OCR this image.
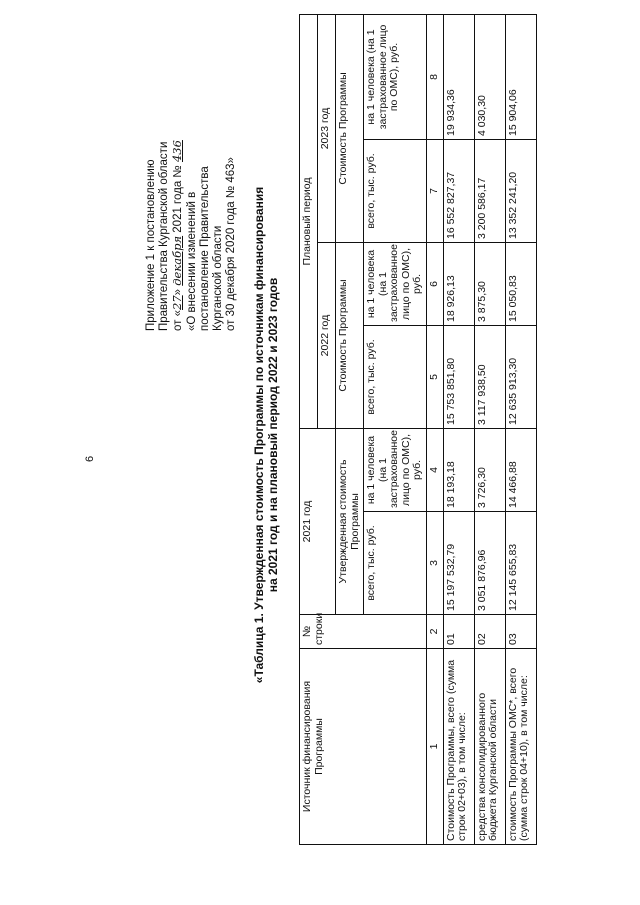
6
Приложение 1 к постановлению Правительства Курганской области от «27» декабря 2021 года № 436
«О внесении изменений в постановление Правительства Курганской области от 30 декабря 2020 года № 463» «Таблица 1. Утвержденная стоимость Программы по источникам финансирования на 2021 год и на плановый период 2022 и 2023 годов
Источник финансирования Программы	№ строки	2021 год		Плановый период			
				2022 год		2023 год	
		Утвержденная стоимость Программы		Стоимость Программы		Стоимость Программы	
		всего, тыс. руб.	на 1 человека (на 1 застрахованное лицо по ОМС), руб.	всего, тыс. руб.	на 1 человека (на 1 застрахованное лицо по ОМС), руб.	всего, тыс. руб.	на 1 человека (на 1 застрахованное лицо по ОМС), руб.
1	2	3	4	5	6	7	8
Стоимость Программы, всего (сумма строк 02+03), в том числе:	01	15 197 532,79	18 193,18	15 753 851,80	18 926,13	16 552 827,37	19 934,36
средства консолидированного бюджета Курганской области	02	3 051 876,96	3 726,30	3 117 938,50	3 875,30	3 200 586,17	4 030,30
стоимость Программы ОМС*, всего (сумма строк 04+10), в том числе:	03	12 145 655,83	14 466,88	12 635 913,30	15 050,83	13 352 241,20	15 904,06
